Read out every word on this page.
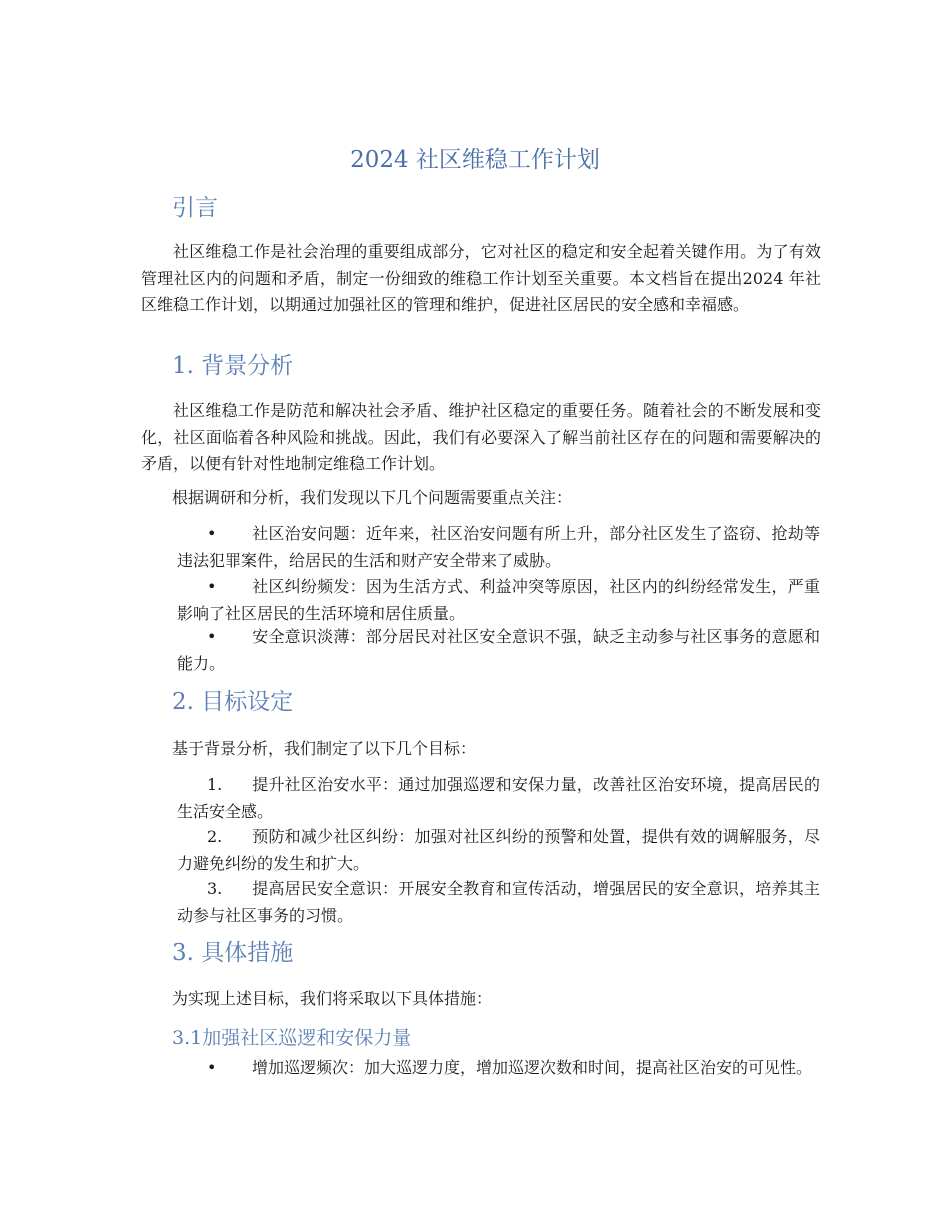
2024 社区维稳工作计划
引言
社区维稳工作是社会治理的重要组成部分，它对社区的稳定和安全起着关键作用。为了有效管理社区内的问题和矛盾，制定一份细致的维稳工作计划至关重要。本文档旨在提出2024 年社区维稳工作计划，以期通过加强社区的管理和维护，促进社区居民的安全感和幸福感。
1. 背景分析
社区维稳工作是防范和解决社会矛盾、维护社区稳定的重要任务。随着社会的不断发展和变化，社区面临着各种风险和挑战。因此，我们有必要深入了解当前社区存在的问题和需要解决的矛盾，以便有针对性地制定维稳工作计划。
根据调研和分析，我们发现以下几个问题需要重点关注：
• 社区治安问题：近年来，社区治安问题有所上升，部分社区发生了盗窃、抢劫等违法犯罪案件，给居民的生活和财产安全带来了威胁。
• 社区纠纷频发：因为生活方式、利益冲突等原因，社区内的纠纷经常发生，严重影响了社区居民的生活环境和居住质量。
• 安全意识淡薄：部分居民对社区安全意识不强，缺乏主动参与社区事务的意愿和能力。
2. 目标设定
基于背景分析，我们制定了以下几个目标：
1. 提升社区治安水平：通过加强巡逻和安保力量，改善社区治安环境，提高居民的生活安全感。
2. 预防和减少社区纠纷：加强对社区纠纷的预警和处置，提供有效的调解服务，尽力避免纠纷的发生和扩大。
3. 提高居民安全意识：开展安全教育和宣传活动，增强居民的安全意识，培养其主动参与社区事务的习惯。
3. 具体措施
为实现上述目标，我们将采取以下具体措施：
3.1加强社区巡逻和安保力量
• 增加巡逻频次：加大巡逻力度，增加巡逻次数和时间，提高社区治安的可见性。
